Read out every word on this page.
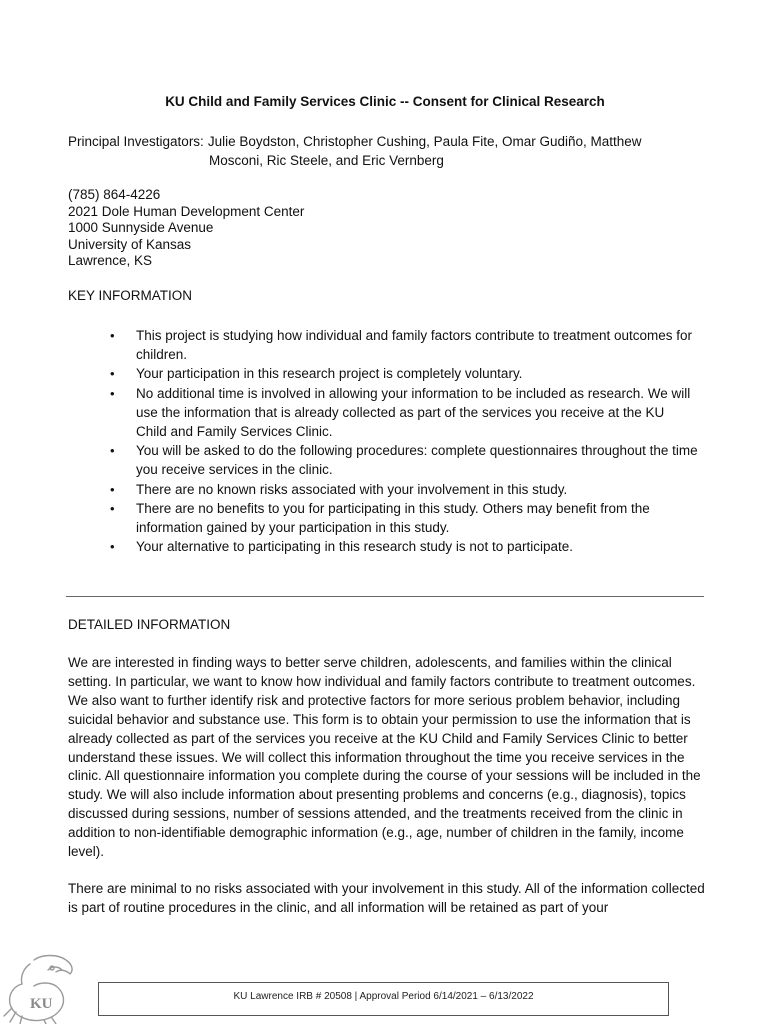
KU Child and Family Services Clinic -- Consent for Clinical Research
Principal Investigators: Julie Boydston, Christopher Cushing, Paula Fite, Omar Gudiño, Matthew
Mosconi, Ric Steele, and Eric Vernberg
(785) 864-4226
2021 Dole Human Development Center
1000 Sunnyside Avenue
University of Kansas
Lawrence, KS
KEY INFORMATION
• This project is studying how individual and family factors contribute to treatment outcomes for children.
• Your participation in this research project is completely voluntary.
• No additional time is involved in allowing your information to be included as research. We will use the information that is already collected as part of the services you receive at the KU Child and Family Services Clinic.
• You will be asked to do the following procedures: complete questionnaires throughout the time you receive services in the clinic.
• There are no known risks associated with your involvement in this study.
• There are no benefits to you for participating in this study. Others may benefit from the information gained by your participation in this study.
• Your alternative to participating in this research study is not to participate.
DETAILED INFORMATION
We are interested in finding ways to better serve children, adolescents, and families within the clinical setting. In particular, we want to know how individual and family factors contribute to treatment outcomes. We also want to further identify risk and protective factors for more serious problem behavior, including suicidal behavior and substance use. This form is to obtain your permission to use the information that is already collected as part of the services you receive at the KU Child and Family Services Clinic to better understand these issues. We will collect this information throughout the time you receive services in the clinic. All questionnaire information you complete during the course of your sessions will be included in the study. We will also include information about presenting problems and concerns (e.g., diagnosis), topics discussed during sessions, number of sessions attended, and the treatments received from the clinic in addition to non-identifiable demographic information (e.g., age, number of children in the family, income level).
There are minimal to no risks associated with your involvement in this study. All of the information collected is part of routine procedures in the clinic, and all information will be retained as part of your
KU	KU Lawrence IRB # 20508 | Approval Period 6/14/2021 – 6/13/2022
